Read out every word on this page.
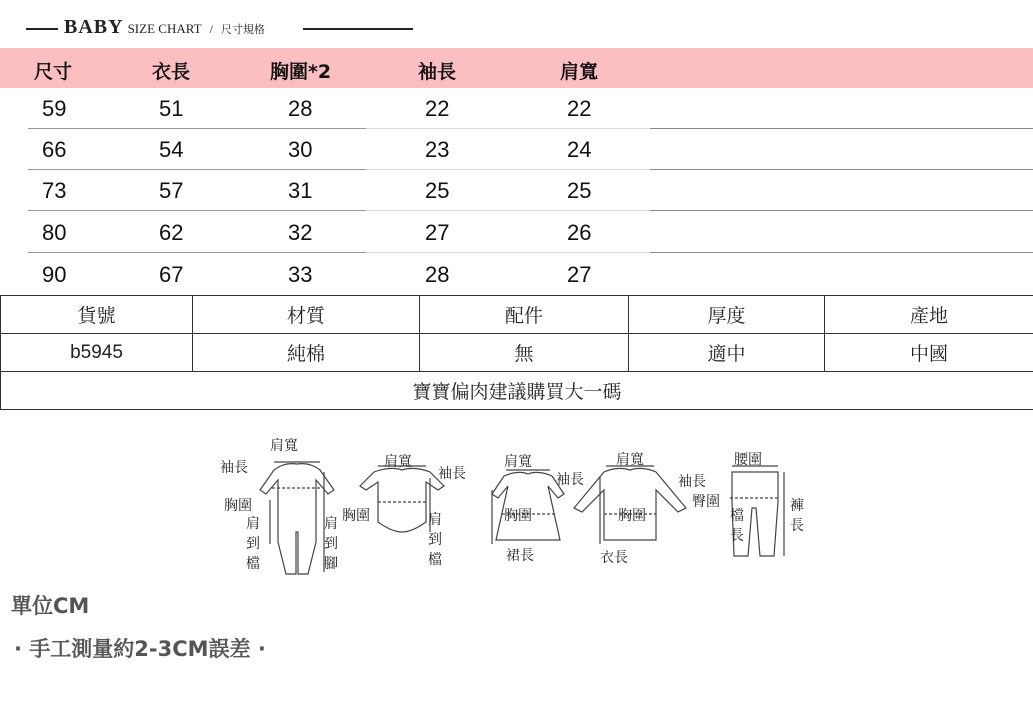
BABY SIZE CHART / 尺寸規格
尺寸	衣長	胸圍*2	袖長	肩寬
59	51	28	22	22
66	54	30	23	24
73	57	31	25	25
80	62	32	27	26
90	67	33	28	27
貨號	材質	配件	厚度	產地
b5945	純棉	無	適中	中國
寶寶偏肉建議購買大一碼				
肩寬
袖長
胸圍
肩
到
檔
肩
到
腳
肩寬
袖長
胸圍	肩
到
檔
肩寬
袖長
胸圍
裙長
肩寬
袖長
胸圍
衣長
腰圍
臀圍
檔
長
褲
長
單位CM
· 手工測量約2-3CM誤差 ·
